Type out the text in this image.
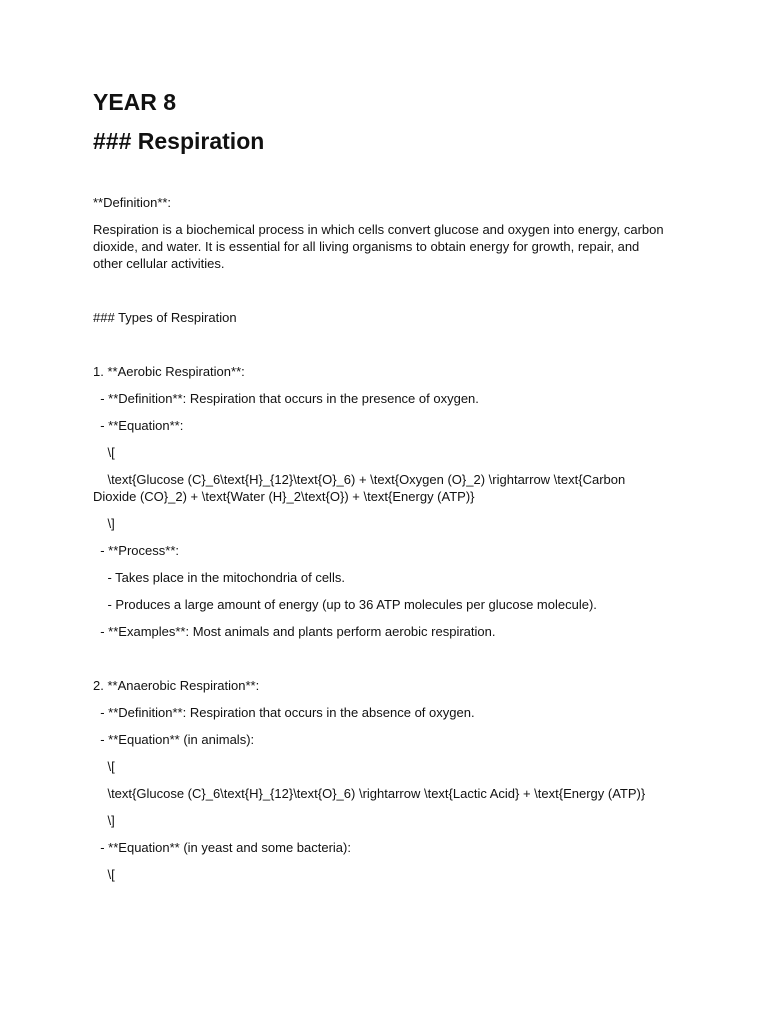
YEAR 8
### Respiration
**Definition**:
Respiration is a biochemical process in which cells convert glucose and oxygen into energy, carbon dioxide, and water. It is essential for all living organisms to obtain energy for growth, repair, and other cellular activities.
### Types of Respiration
1. **Aerobic Respiration**:
- **Definition**: Respiration that occurs in the presence of oxygen.
- **Equation**:
\[
\text{Glucose (C}_6\text{H}_{12}\text{O}_6) + \text{Oxygen (O}_2) \rightarrow \text{Carbon Dioxide (CO}_2) + \text{Water (H}_2\text{O}) + \text{Energy (ATP)}
\]
- **Process**:
- Takes place in the mitochondria of cells.
- Produces a large amount of energy (up to 36 ATP molecules per glucose molecule).
- **Examples**: Most animals and plants perform aerobic respiration.
2. **Anaerobic Respiration**:
- **Definition**: Respiration that occurs in the absence of oxygen.
- **Equation** (in animals):
\[
\text{Glucose (C}_6\text{H}_{12}\text{O}_6) \rightarrow \text{Lactic Acid} + \text{Energy (ATP)}
\]
- **Equation** (in yeast and some bacteria):
\[
